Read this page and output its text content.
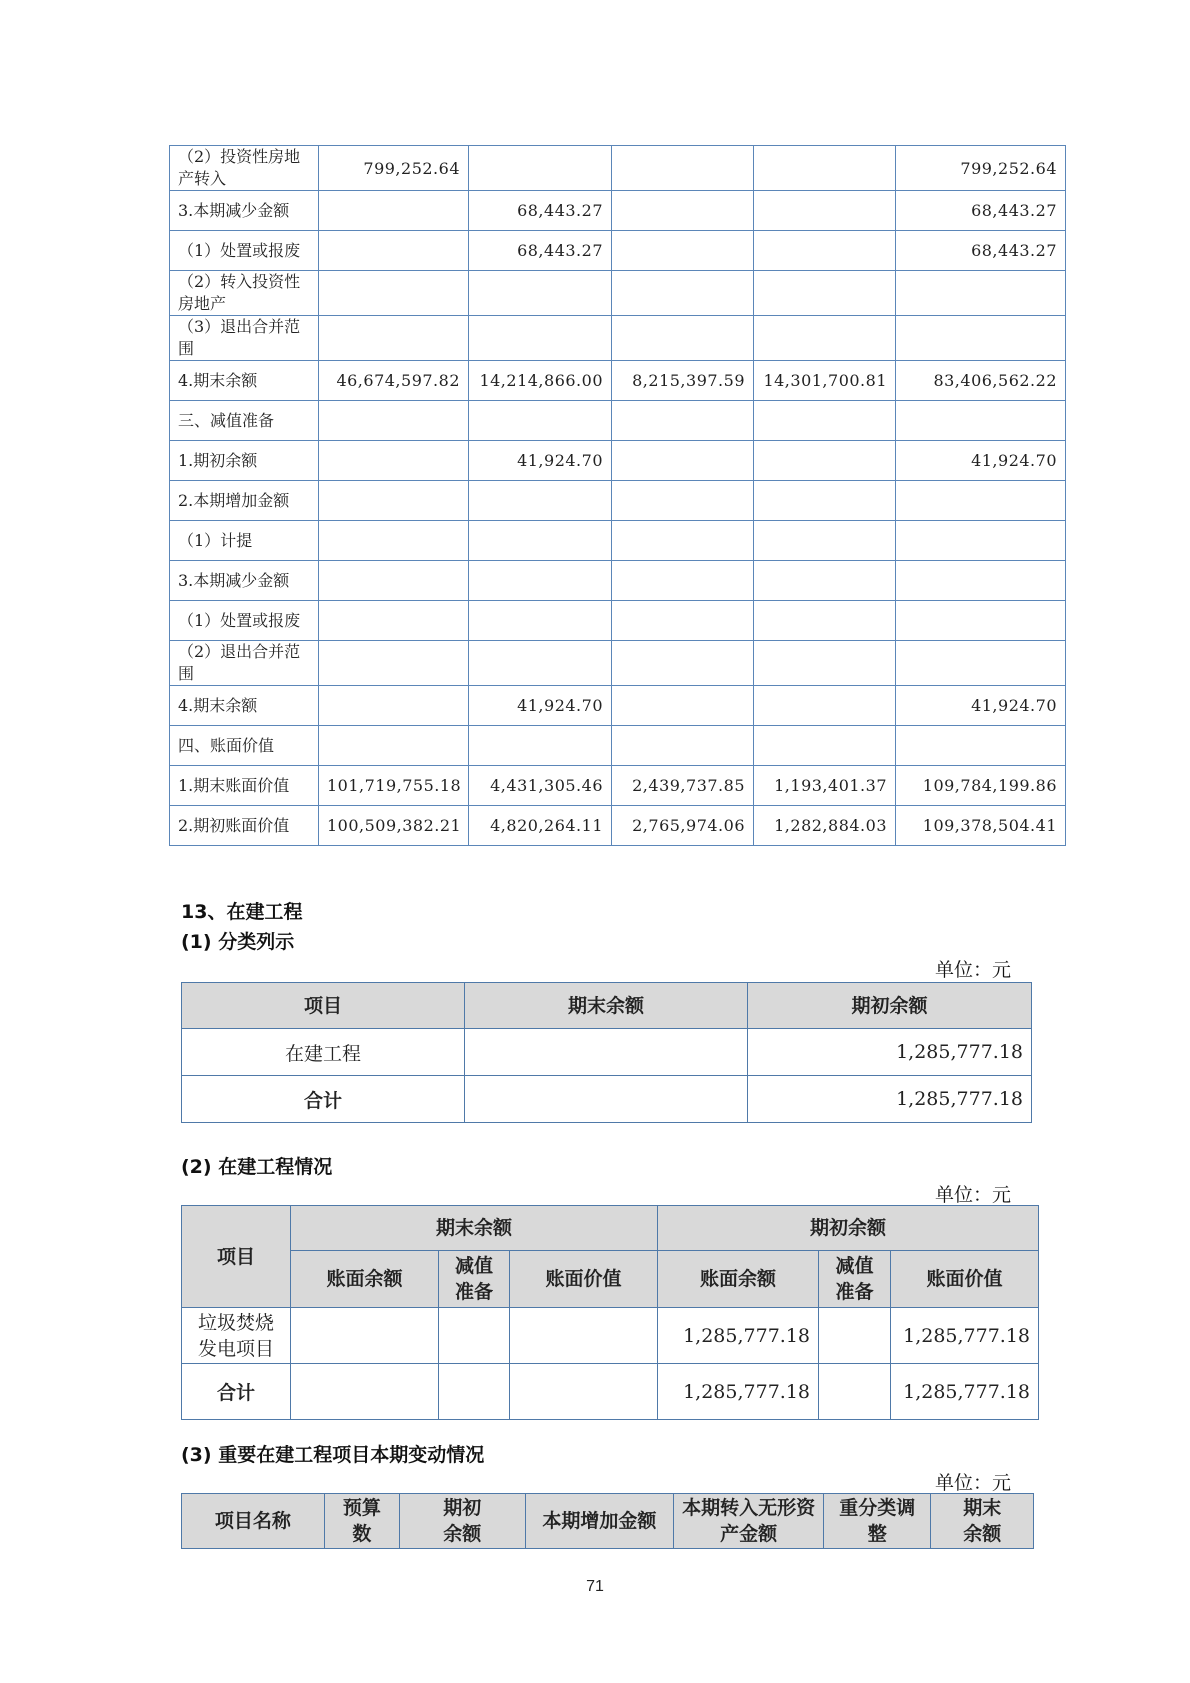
（2）投资性房地产转入	799,252.64				799,252.64
3.本期减少金额		68,443.27			68,443.27
（1）处置或报废		68,443.27			68,443.27
（2）转入投资性房地产					
（3）退出合并范围					
4.期末余额	46,674,597.82	14,214,866.00	8,215,397.59	14,301,700.81	83,406,562.22
三、减值准备					
1.期初余额		41,924.70			41,924.70
2.本期增加金额					
（1）计提					
3.本期减少金额					
（1）处置或报废					
（2）退出合并范围					
4.期末余额		41,924.70			41,924.70
四、账面价值					
1.期末账面价值	101,719,755.18	4,431,305.46	2,439,737.85	1,193,401.37	109,784,199.86
2.期初账面价值	100,509,382.21	4,820,264.11	2,765,974.06	1,282,884.03	109,378,504.41
13、在建工程
(1) 分类列示
单位：元
项目	期末余额	期初余额
在建工程		1,285,777.18
合计		1,285,777.18
(2) 在建工程情况
单位：元
项目	期末余额			期初余额		
	账面余额	减值准备	账面价值	账面余额	减值准备	账面价值
垃圾焚烧发电项目				1,285,777.18		1,285,777.18
合计				1,285,777.18		1,285,777.18
(3) 重要在建工程项目本期变动情况
单位：元
项目名称	预算数	期初余额	本期增加金额	本期转入无形资产金额	重分类调整	期末余额
71
